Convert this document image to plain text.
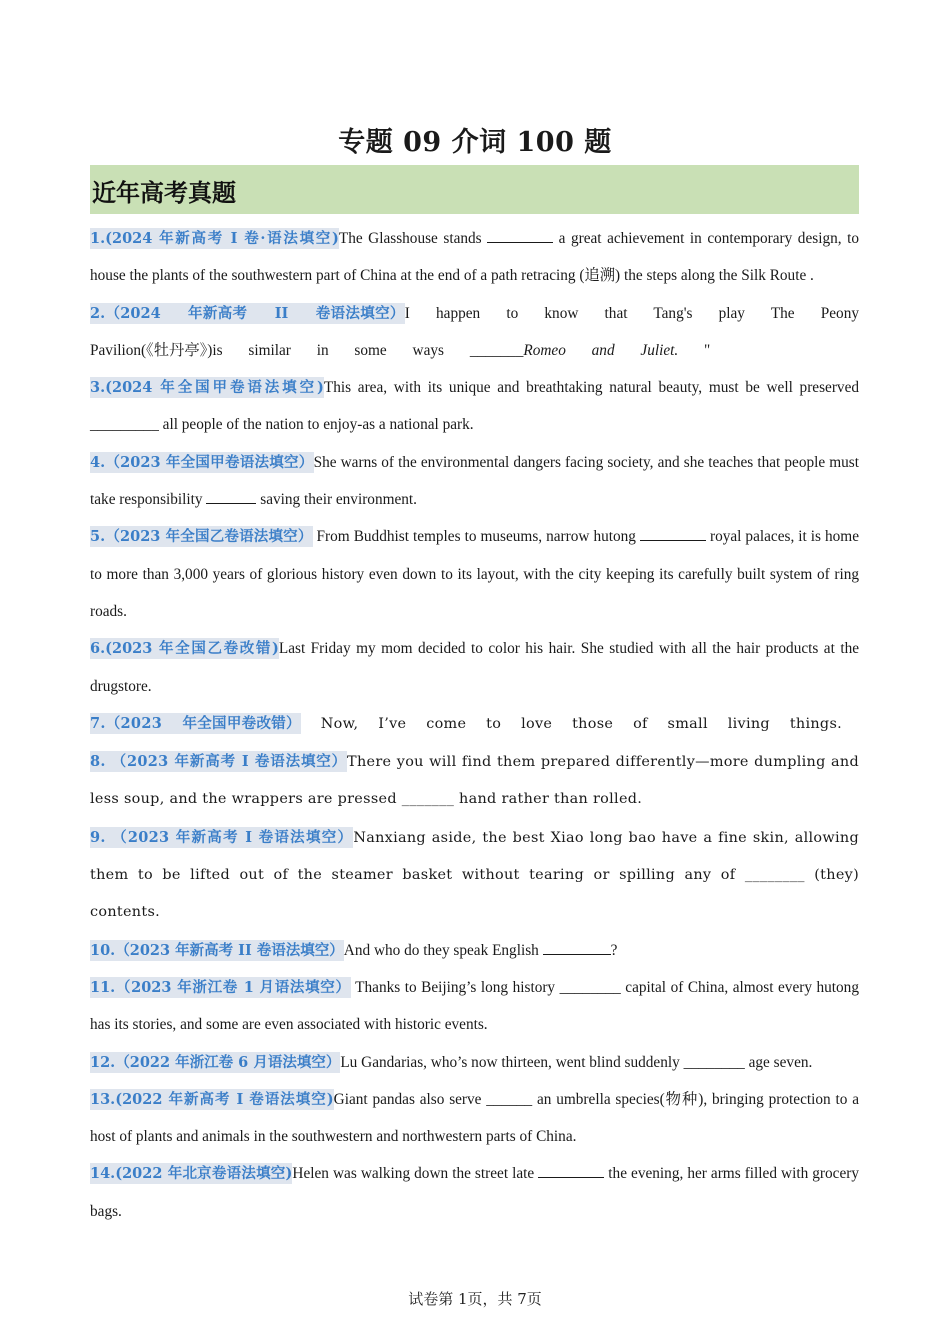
专题 09 介词 100 题
近年高考真题

1.(2024 年新高考 I 卷·语法填空)The Glasshouse stands	a great achievement in contemporary design, to house the plants of the southwestern part of China at the end of a path retracing (追溯) the steps along the Silk Route .

2.（2024 年新高考 II 卷语法填空）I happen to know that Tang's play The Peony Pavilion(《牡丹亭》)is similar in some ways _______Romeo and Juliet. "

3.(2024 年全国甲卷语法填空)This area, with its unique and breathtaking natural beauty, must be well preserved _________ all people of the nation to enjoy-as a national park.

4.（2023 年全国甲卷语法填空）She warns of the environmental dangers facing society, and she teaches that people must take responsibility	saving their environment.

5.（2023 年全国乙卷语法填空） From Buddhist temples to museums, narrow hutong	royal palaces, it is home to more than 3,000 years of glorious history even down to its layout, with the city keeping its carefully built system of ring roads.

6.(2023 年全国乙卷改错)Last Friday my mom decided to color his hair. She studied with all the hair products at the drugstore.

7.（2023 年全国甲卷改错） Now, I’ve come to love those of small living things.

8. （2023 年新高考 I 卷语法填空）There you will find them prepared differently—more dumpling and less soup, and the wrappers are pressed _______ hand rather than rolled.

9. （2023 年新高考 I 卷语法填空）Nanxiang aside, the best Xiao long bao have a fine skin, allowing them to be lifted out of the steamer basket without tearing or spilling any of ________ (they) contents.

10.（2023 年新高考 II 卷语法填空）And who do they speak English	?

11.（2023 年浙江卷 1 月语法填空） Thanks to Beijing’s long history ________ capital of China, almost every hutong has its stories, and some are even associated with historic events.

12.（2022 年浙江卷 6 月语法填空）Lu Gandarias, who’s now thirteen, went blind suddenly ________ age seven.

13.(2022 年新高考 I 卷语法填空)Giant pandas also serve ______ an umbrella species(物种), bringing protection to a host of plants and animals in the southwestern and northwestern parts of China.

14.(2022 年北京卷语法填空)Helen was walking down the street late	the evening, her arms filled with grocery bags.

试卷第 1页，共 7页
